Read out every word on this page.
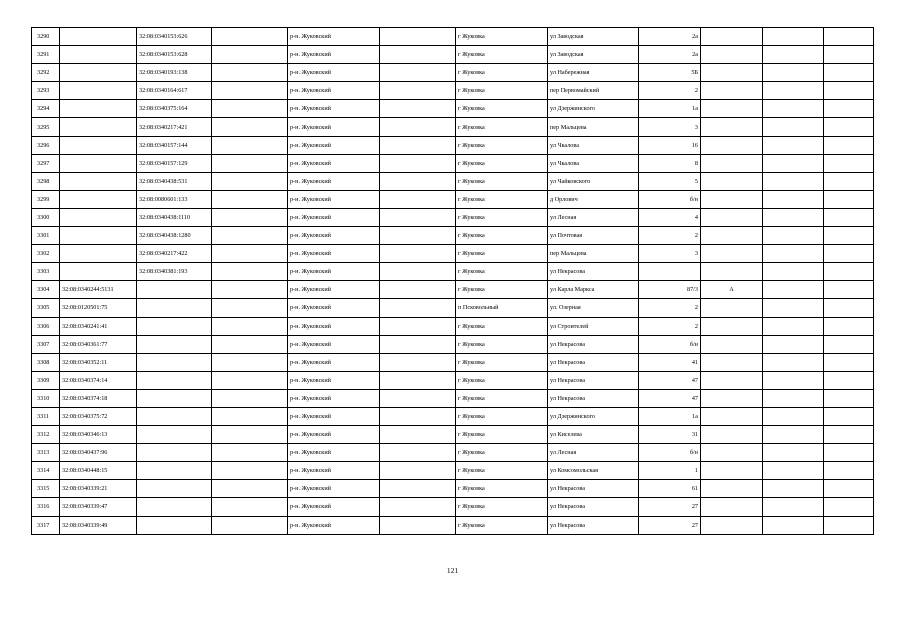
3290		32:08:0340153:626		р-н. Жуковский		г Жуковка	ул Заводская	2а			
3291		32:08:0340153:628		р-н. Жуковский		г Жуковка	ул Заводская	2а			
3292		32:08:0340193:138		р-н. Жуковский		г Жуковка	ул Набережная	5Б			
3293		32:08:0340164:617		р-н. Жуковский		г Жуковка	пер Первомайский	2			
3294		32:08:0340375:164		р-н. Жуковский		г Жуковка	ул Дзержинского	1а			
3295		32:08:0340217:421		р-н. Жуковский		г Жуковка	пер Мальцева	3			
3296		32:08:0340157:144		р-н. Жуковский		г Жуковка	ул Чкалова	16			
3297		32:08:0340157:129		р-н. Жуковский		г Жуковка	ул Чкалова	8			
3298		32:08:0340438:531		р-н. Жуковский		г Жуковка	ул Чайковского	5			
3299		32:08:0080601:133		р-н. Жуковский		г Жуковка	д Орлович	б/н			
3300		32:08:0340438:1110		р-н. Жуковский		г Жуковка	ул Лесная	4			
3301		32:08:0340438:1280		р-н. Жуковский		г Жуковка	ул Почтовая	2			
3302		32:08:0340217:422		р-н. Жуковский		г Жуковка	пер Мальцева	3			
3303		32:08:0340381:193		р-н. Жуковский		г Жуковка	ул Некрасова				
3304	32:08:0340244:5131			р-н. Жуковский		г Жуковка	ул Карла Маркса	87/3	А		
3305	32:08:0120501:75			р-н. Жуковский		п Псковольный	ул. Озерная	2			
3306	32:08:0340241:41			р-н. Жуковский		г Жуковка	ул Строителей	2			
3307	32:08:0340361:77			р-н. Жуковский		г Жуковка	ул Некрасова	б/н			
3308	32:08:0340352:11			р-н. Жуковский		г Жуковка	ул Некрасова	41			
3309	32:08:0340374:14			р-н. Жуковский		г Жуковка	ул Некрасова	47			
3310	32:08:0340374:18			р-н. Жуковский		г Жуковка	ул Некрасова	47			
3311	32:08:0340375:72			р-н. Жуковский		г Жуковка	ул Дзержинского	1а			
3312	32:08:0340346:13			р-н. Жуковский		г Жуковка	ул Киселева	31			
3313	32:08:0340437:96			р-н. Жуковский		г Жуковка	ул Лесная	б/н			
3314	32:08:0340448:15			р-н. Жуковский		г Жуковка	ул Комсомольская	1			
3315	32:08:0340339:21			р-н. Жуковский		г Жуковка	ул Некрасова	61			
3316	32:08:0340339:47			р-н. Жуковский		г Жуковка	ул Некрасова	27			
3317	32:08:0340339:49			р-н. Жуковский		г Жуковка	ул Некрасова	27			
121
